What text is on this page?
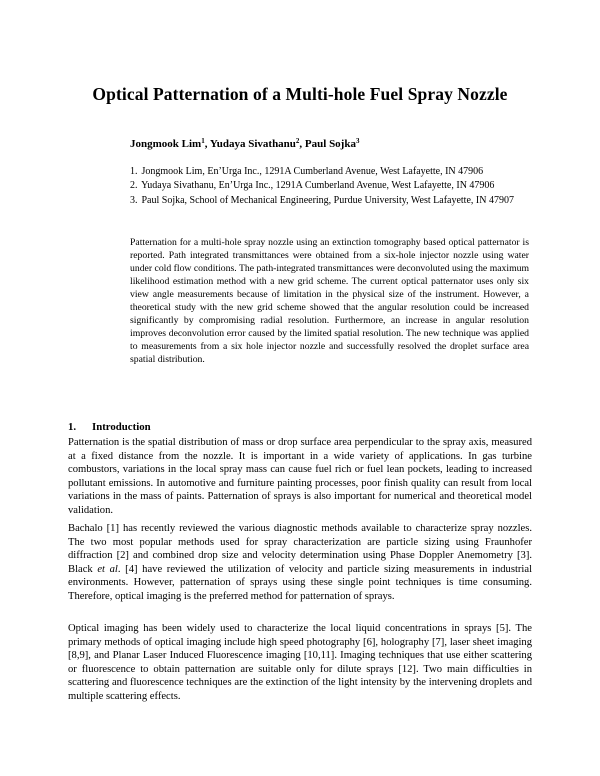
Optical Patternation of a Multi-hole Fuel Spray Nozzle
Jongmook Lim$^1$, Yudaya Sivathanu$^2$, Paul Sojka$^3$
1. Jongmook Lim, En’Urga Inc., 1291A Cumberland Avenue, West Lafayette, IN 47906
2. Yudaya Sivathanu, En’Urga Inc., 1291A Cumberland Avenue, West Lafayette, IN 47906
3. Paul Sojka, School of Mechanical Engineering, Purdue University, West Lafayette, IN 47907

Patternation for a multi-hole spray nozzle using an extinction tomography based optical patternator is reported. Path integrated transmittances were obtained from a six-hole injector nozzle using water under cold flow conditions. The path-integrated transmittances were deconvoluted using the maximum likelihood estimation method with a new grid scheme. The current optical patternator uses only six view angle measurements because of limitation in the physical size of the instrument. However, a theoretical study with the new grid scheme showed that the angular resolution could be increased significantly by compromising radial resolution. Furthermore, an increase in angular resolution improves deconvolution error caused by the limited spatial resolution. The new technique was applied to measurements from a six hole injector nozzle and successfully resolved the droplet surface area spatial distribution.

1. Introduction

Patternation is the spatial distribution of mass or drop surface area perpendicular to the spray axis, measured at a fixed distance from the nozzle. It is important in a wide variety of applications. In gas turbine combustors, variations in the local spray mass can cause fuel rich or fuel lean pockets, leading to increased pollutant emissions. In automotive and furniture painting processes, poor finish quality can result from local variations in the mass of paints. Patternation of sprays is also important for numerical and theoretical model validation.

Bachalo [1] has recently reviewed the various diagnostic methods available to characterize spray nozzles. The two most popular methods used for spray characterization are particle sizing using Fraunhofer diffraction [2] and combined drop size and velocity determination using Phase Doppler Anemometry [3]. Black et al. [4] have reviewed the utilization of velocity and particle sizing measurements in industrial environments. However, patternation of sprays using these single point techniques is time consuming. Therefore, optical imaging is the preferred method for patternation of sprays.

Optical imaging has been widely used to characterize the local liquid concentrations in sprays [5]. The primary methods of optical imaging include high speed photography [6], holography [7], laser sheet imaging [8,9], and Planar Laser Induced Fluorescence imaging [10,11]. Imaging techniques that use either scattering or fluorescence to obtain patternation are suitable only for dilute sprays [12]. Two main difficulties in scattering and fluorescence techniques are the extinction of the light intensity by the intervening droplets and multiple scattering effects.
